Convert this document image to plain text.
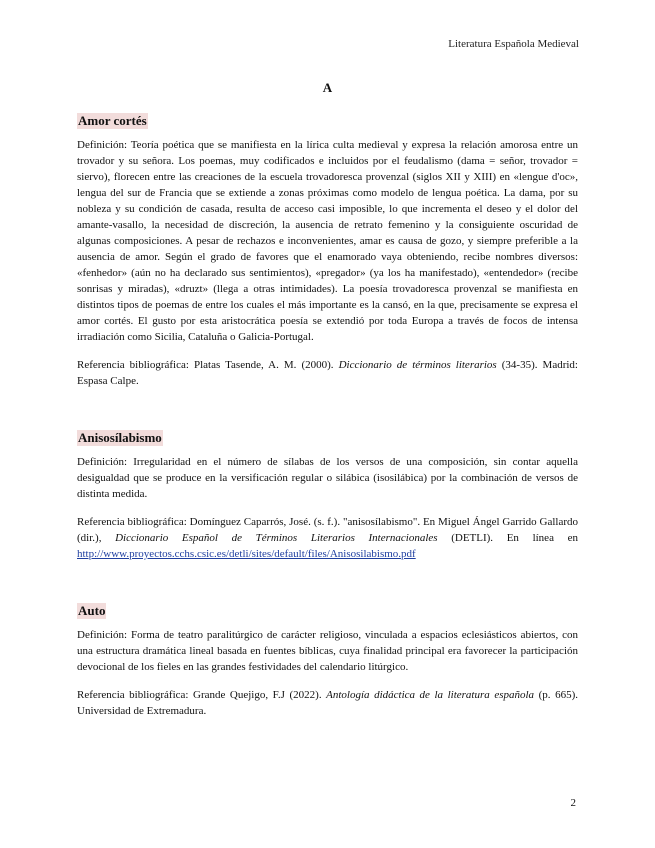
Literatura Española Medieval
A
Amor cortés

Definición: Teoría poética que se manifiesta en la lírica culta medieval y expresa la relación amorosa entre un trovador y su señora. Los poemas, muy codificados e incluidos por el feudalismo (dama = señor, trovador = siervo), florecen entre las creaciones de la escuela trovadoresca provenzal (siglos XII y XIII) en «lengue d'oc», lengua del sur de Francia que se extiende a zonas próximas como modelo de lengua poética. La dama, por su nobleza y su condición de casada, resulta de acceso casi imposible, lo que incrementa el deseo y el dolor del amante-vasallo, la necesidad de discreción, la ausencia de retrato femenino y la consiguiente oscuridad de algunas composiciones. A pesar de rechazos e inconvenientes, amar es causa de gozo, y siempre preferible a la ausencia de amor. Según el grado de favores que el enamorado vaya obteniendo, recibe nombres diversos: «fenhedor» (aún no ha declarado sus sentimientos), «pregador» (ya los ha manifestado), «entendedor» (recibe sonrisas y miradas), «druzt» (llega a otras intimidades). La poesía trovadoresca provenzal se manifiesta en distintos tipos de poemas de entre los cuales el más importante es la cansó, en la que, precisamente se expresa el amor cortés. El gusto por esta aristocrática poesía se extendió por toda Europa a través de focos de intensa irradiación como Sicilia, Cataluña o Galicia-Portugal.

Referencia bibliográfica: Platas Tasende, A. M. (2000). Diccionario de términos literarios (34-35). Madrid: Espasa Calpe.

Anisosílabismo

Definición: Irregularidad en el número de sílabas de los versos de una composición, sin contar aquella desigualdad que se produce en la versificación regular o silábica (isosilábica) por la combinación de versos de distinta medida.

Referencia bibliográfica: Domínguez Caparrós, José. (s. f.). "anisosílabismo". En Miguel Ángel Garrido Gallardo (dir.), Diccionario Español de Términos Literarios Internacionales (DETLI). En línea en http://www.proyectos.cchs.csic.es/detli/sites/default/files/Anisosilabismo.pdf

Auto

Definición: Forma de teatro paralitúrgico de carácter religioso, vinculada a espacios eclesiásticos abiertos, con una estructura dramática lineal basada en fuentes bíblicas, cuya finalidad principal era favorecer la participación devocional de los fieles en las grandes festividades del calendario litúrgico.

Referencia bibliográfica: Grande Quejigo, F.J (2022). Antología didáctica de la literatura española (p. 665). Universidad de Extremadura.

2
